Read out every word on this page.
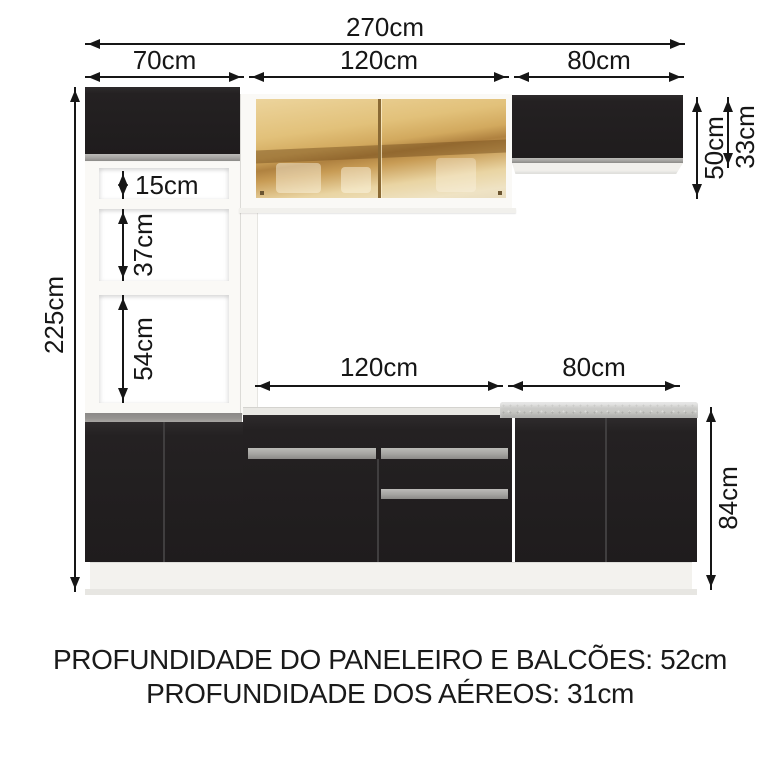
270cm
70cm	120cm	80cm
225cm
15cm
37cm
54cm
50cm 33cm
120cm	80cm
84cm
PROFUNDIDADE DO PANELEIRO E BALCÕES: 52cm
PROFUNDIDADE DOS AÉREOS: 31cm
